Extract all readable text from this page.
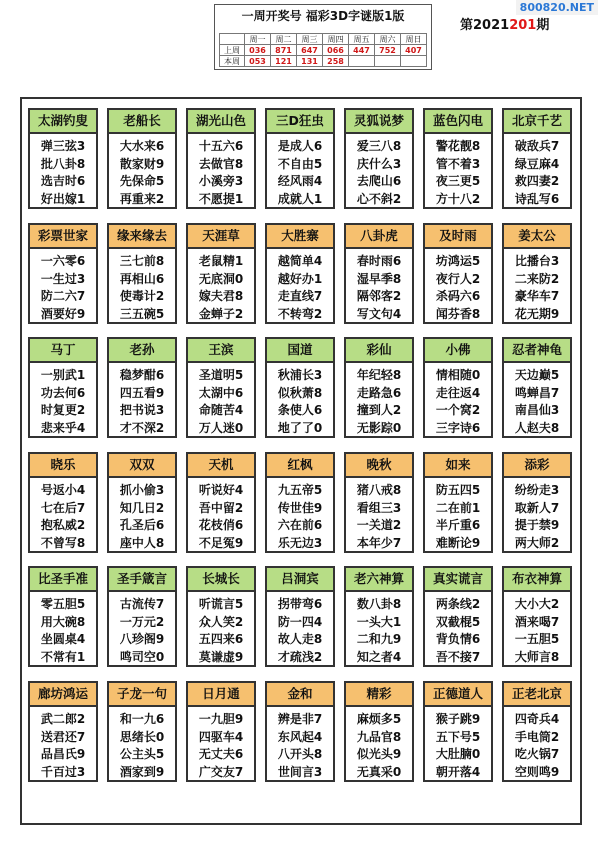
一周开奖号 福彩3D字谜版1版
	周一	周二	周三	周四	周五	周六	周日
上周	036	871	647	066	447	752	407
本周	053	121	131	258			
第2021201期
800820.NET
太湖钓叟
弹三弦3
批八卦8
选吉时6
好出嫁1
老船长
大水来6
散家财9
先保命5
再重来2
湖光山色
十五六6
去做官8
小溪旁3
不愿提1
三D狂虫
是成人6
不自由5
经风雨4
成就人1
灵狐说梦
爱三八8
庆什么3
去爬山6
心不斜2
蓝色闪电
警花靓8
管不着3
夜三更5
方十八2
北京千艺
破敌兵7
绿豆麻4
救四妻2
诗乱写6
彩票世家
一六零6
一生过3
防二六7
酒要好9
缘来缘去
三七前8
再相山6
使毒计2
三五碗5
天涯草
老鼠精1
无底洞0
嫁夫君8
金蝉子2
大胜寨
越简单4
越好办1
走直线7
不转弯2
八卦虎
春时雨6
湿早季8
隔邻客2
写文句4
及时雨
坊鸿运5
夜行人2
杀码六6
闻芬香8
姜太公
比播台3
二来防2
豪华车7
花无期9
马丁
一别武1
功去何6
时复更2
悲来乎4
老孙
稳梦酣6
四五看9
把书说3
才不深2
王滨
圣道明5
太湖中6
命随苦4
万人迷0
国道
秋浦长3
似秋萧8
条使人6
地了了0
彩仙
年纪轻8
走路急6
撞到人2
无影踪0
小佛
情相随0
走往返4
一个窝2
三字诗6
忍者神龟
天边巅5
鸣蝉昌7
南昌仙3
人赵夫8
晓乐
号返小4
七在后7
抱私威2
不曾写8
双双
抓小偷3
知几日2
孔圣后6
座中人8
天机
听说好4
吾中留2
花枝俏6
不足冤9
红枫
九五帝5
传世佳9
六在前6
乐无边3
晚秋
猪八戒8
看组三3
一关道2
本年少7
如来
防五四5
二在前1
半斤重6
难断论9
添彩
纷纷走3
取新人7
提于禁9
两大师2
比圣手准
零五胆5
用大碗8
坐圆桌4
不常有1
圣手箴言
古流传7
一万元2
八珍阁9
鸣司空0
长城长
听谎言5
众人笑2
五四来6
莫谦虚9
吕洞宾
拐带弯6
防一四4
故人走8
才疏浅2
老六神算
数八卦8
一头大1
二和九9
知之者4
真实谎言
两条线2
双截棍5
背负情6
吾不接7
布衣神算
大小大2
酒来喝7
一五胆5
大师言8
廊坊鸿运
武二郎2
送君还7
品昌氏9
千百过3
子龙一句
和一九6
思绪长0
公主头5
酒家到9
日月通
一九胆9
四驱车4
无丈夫6
广交友7
金和
辨是非7
东风起4
八开头8
世间言3
精彩
麻烦多5
九品官8
似光头9
无真采0
正德道人
猴子跳9
五下号5
大肚腩0
朝开落4
正老北京
四奇兵4
手电筒2
吃火锅7
空则鸣9
